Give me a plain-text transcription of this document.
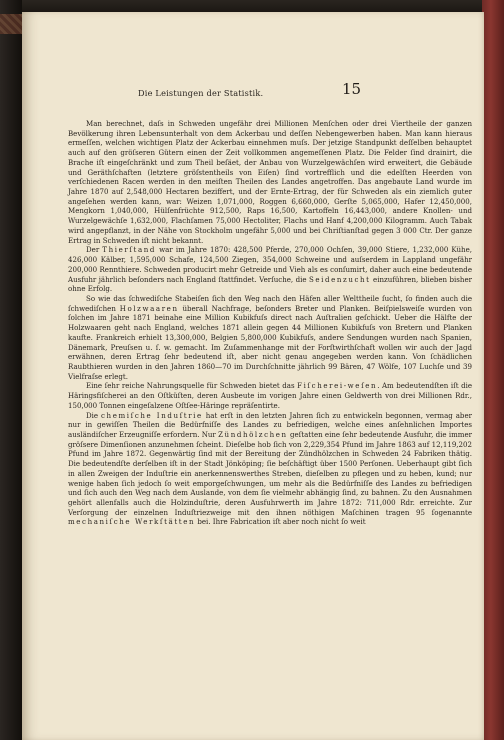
Die Leistungen der Statistik.	15

Man berechnet, daſs in Schweden ungefähr drei Millionen Menſchen oder drei Viertheile der ganzen Bevölkerung ihren Lebensunterhalt von dem Ackerbau und deſſen Nebengewerben haben. Man kann hieraus ermeſſen, welchen wichtigen Platz der Ackerbau einnehmen muſs. Der jetzige Standpunkt deſſelben behauptet auch auf den gröſseren Gütern einen der Zeit vollkommen angemeſſenen Platz. Die Felder ſind drainirt, die Brache iſt eingeſchränkt und zum Theil beſäet, der Anbau von Wurzelgewächſen wird erweitert, die Gebäude und Geräthſchaften (letztere gröſstentheils von Eiſen) ſind vortrefflich und die edelſten Heerden von verſchiedenen Racen werden in den meiſten Theilen des Landes angetroffen. Das angebaute Land wurde im Jahre 1870 auf 2,548,000 Hectaren beziffert, und der Ernte-Ertrag, der für Schweden als ein ziemlich guter angeſehen werden kann, war: Weizen 1,071,000, Roggen 6,660,000, Gerſte 5,065,000, Hafer 12,450,000, Mengkorn 1,040,000, Hülſenfrüchte 912,500, Raps 16,500, Kartoffeln 16,443,000, andere Knollen- und Wurzelgewächſe 1,632,000, Flachſamen 75,000 Hectoliter, Flachs und Hanf 4,200,000 Kilogramm. Auch Tabak wird angepflanzt, in der Nähe von Stockholm ungefähr 5,000 und bei Chriſtianſtad gegen 3 000 Ctr. Der ganze Ertrag in Schweden iſt nicht bekannt.

Der Thierſtand war im Jahre 1870: 428,500 Pferde, 270,000 Ochſen, 39,000 Stiere, 1,232,000 Kühe, 426,000 Kälber, 1,595,000 Schafe, 124,500 Ziegen, 354,000 Schweine und auſserdem in Lappland ungefähr 200,000 Rennthiere. Schweden producirt mehr Getreide und Vieh als es conſumirt, daher auch eine bedeutende Ausfuhr jährlich beſonders nach England ſtattfindet. Verſuche, die Seidenzucht einzuführen, blieben bisher ohne Erfolg.

So wie das ſchwediſche Stabeiſen ſich den Weg nach den Häfen aller Welttheile ſucht, ſo finden auch die ſchwediſchen Holzwaaren überall Nachfrage, beſonders Breter und Planken. Beiſpielsweiſe wurden von ſolchen im Jahre 1871 beinahe eine Million Kubikfuſs direct nach Auſtralien geſchickt. Ueber die Hälfte der Holzwaaren geht nach England, welches 1871 allein gegen 44 Millionen Kubikfuſs von Bretern und Planken kaufte. Frankreich erhielt 13,300,000, Belgien 5,800,000 Kubikfuſs, andere Sendungen wurden nach Spanien, Dänemark, Preuſsen u. ſ. w. gemacht. Im Zuſammenhange mit der Forſtwirthſchaft wollen wir auch der Jagd erwähnen, deren Ertrag ſehr bedeutend iſt, aber nicht genau angegeben werden kann. Von ſchädlichen Raubthieren wurden in den Jahren 1860—70 im Durchſchnitte jährlich 99 Bären, 47 Wölfe, 107 Luchſe und 39 Vielfraſse erlegt.

Eine ſehr reiche Nahrungsquelle für Schweden bietet das Fiſcherei-weſen. Am bedeutendſten iſt die Häringsfiſcherei an den Oſtküſten, deren Ausbeute im vorigen Jahre einen Geldwerth von drei Millionen Rdr., 150,000 Tonnen eingeſalzene Oſtſee-Häringe repräſentirte.

Die chemiſche Induſtrie hat erſt in den letzten Jahren ſich zu entwickeln begonnen, vermag aber nur in gewiſſen Theilen die Bedürfniſſe des Landes zu befriedigen, welche eines anſehnlichen Importes ausländiſcher Erzeugniſſe erfordern. Nur Zündhölzchen geſtatten eine ſehr bedeutende Ausfuhr, die immer gröſsere Dimenſionen anzunehmen ſcheint. Dieſelbe hob ſich von 2,229,354 Pfund im Jahre 1863 auf 12,119,202 Pfund im Jahre 1872. Gegenwärtig ſind mit der Bereitung der Zündhölzchen in Schweden 24 Fabriken thätig. Die bedeutendſte derſelben iſt in der Stadt Jönköping; ſie beſchäftigt über 1500 Perſonen. Ueberhaupt gibt ſich in allen Zweigen der Induſtrie ein anerkennenswerthes Streben, dieſelben zu pflegen und zu heben, kund; nur wenige haben ſich jedoch ſo weit emporgeſchwungen, um mehr als die Bedürfniſſe des Landes zu befriedigen und ſich auch den Weg nach dem Auslande, von dem ſie vielmehr abhängig ſind, zu bahnen. Zu den Ausnahmen gehört allenfalls auch die Holzinduſtrie, deren Ausfuhrwerth im Jahre 1872: 711,000 Rdr. erreichte. Zur Verſorgung der einzelnen Induſtriezweige mit den ihnen nöthigen Maſchinen tragen 95 ſogenannte mechaniſche Werkſtätten bei. Ihre Fabrication iſt aber noch nicht ſo weit
